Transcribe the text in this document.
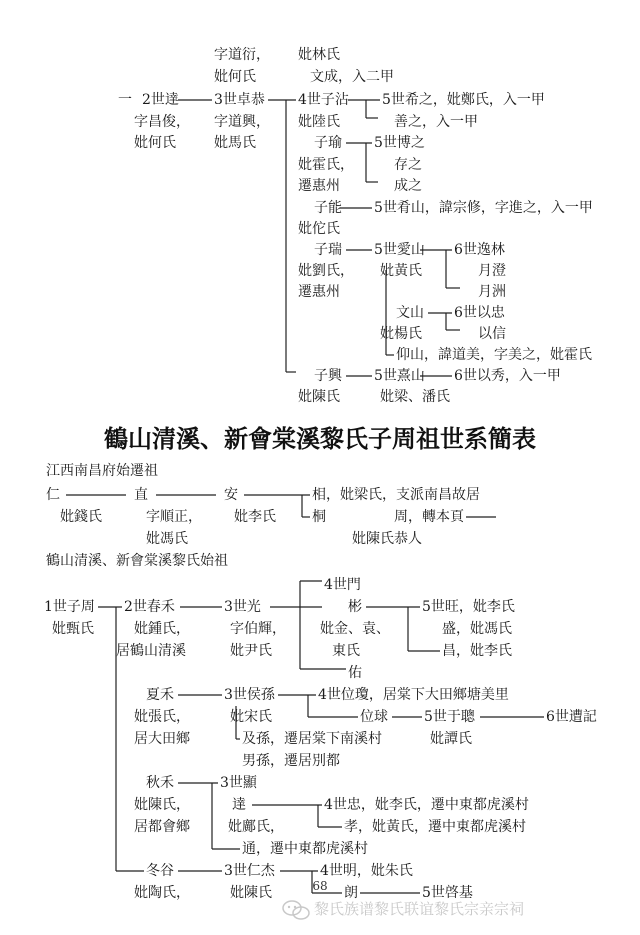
字道衍， 妣林氏
妣何氏	文成，入二甲
一 2世達	3世卓恭 4世子沾 5世希之，妣鄭氏，入一甲
字昌俊， 字道興， 妣陸氏	善之，入一甲
妣何氏	妣馬氏	子瑜 5世博之
妣霍氏，	存之
遷惠州	成之
子能 5世肴山，諱宗修，字進之，入一甲
妣佗氏
子瑞 5世愛山 6世逸林
妣劉氏， 妣黃氏	月澄
遷惠州	月洲
文山 6世以忠
妣楊氏	以信
仰山，諱道美，字美之，妣霍氏
子興 5世熹山 6世以秀，入一甲
妣陳氏	妣梁、潘氏
江西南昌府始遷祖
仁	直	安	相，妣梁氏，支派南昌故居
妣錢氏	字順正， 妣李氏	桐	周，轉本頁
妣馮氏	妣陳氏恭人
鶴山清溪、新會棠溪黎氏始祖
4世門
1世子周 2世春禾	3世光	彬	5世旺，妣李氏
妣甄氏	妣鍾氏，	字伯輝， 妣金、袁、	盛，妣馮氏
居鶴山清溪	妣尹氏	東氏	昌，妣李氏
佑
夏禾	3世侯孫	4世位瓊，居棠下大田鄉塘美里
妣張氏，	妣宋氏	位球	5世于聰	6世遭記
居大田鄉	及孫，遷居棠下南溪村	妣譚氏
男孫，遷居別都
秋禾	3世顯
妣陳氏，	達	4世忠，妣李氏，遷中東都虎溪村
居都會鄉	妣鄺氏，	孝，妣黃氏，遷中東都虎溪村
通，遷中東都虎溪村
冬谷	3世仁杰	4世明，妣朱氏
妣陶氏，	妣陳氏	朗	5世啓基
鶴山清溪、新會棠溪黎氏子周祖世系簡表
68
黎氏族谱黎氏联谊黎氏宗亲宗祠
